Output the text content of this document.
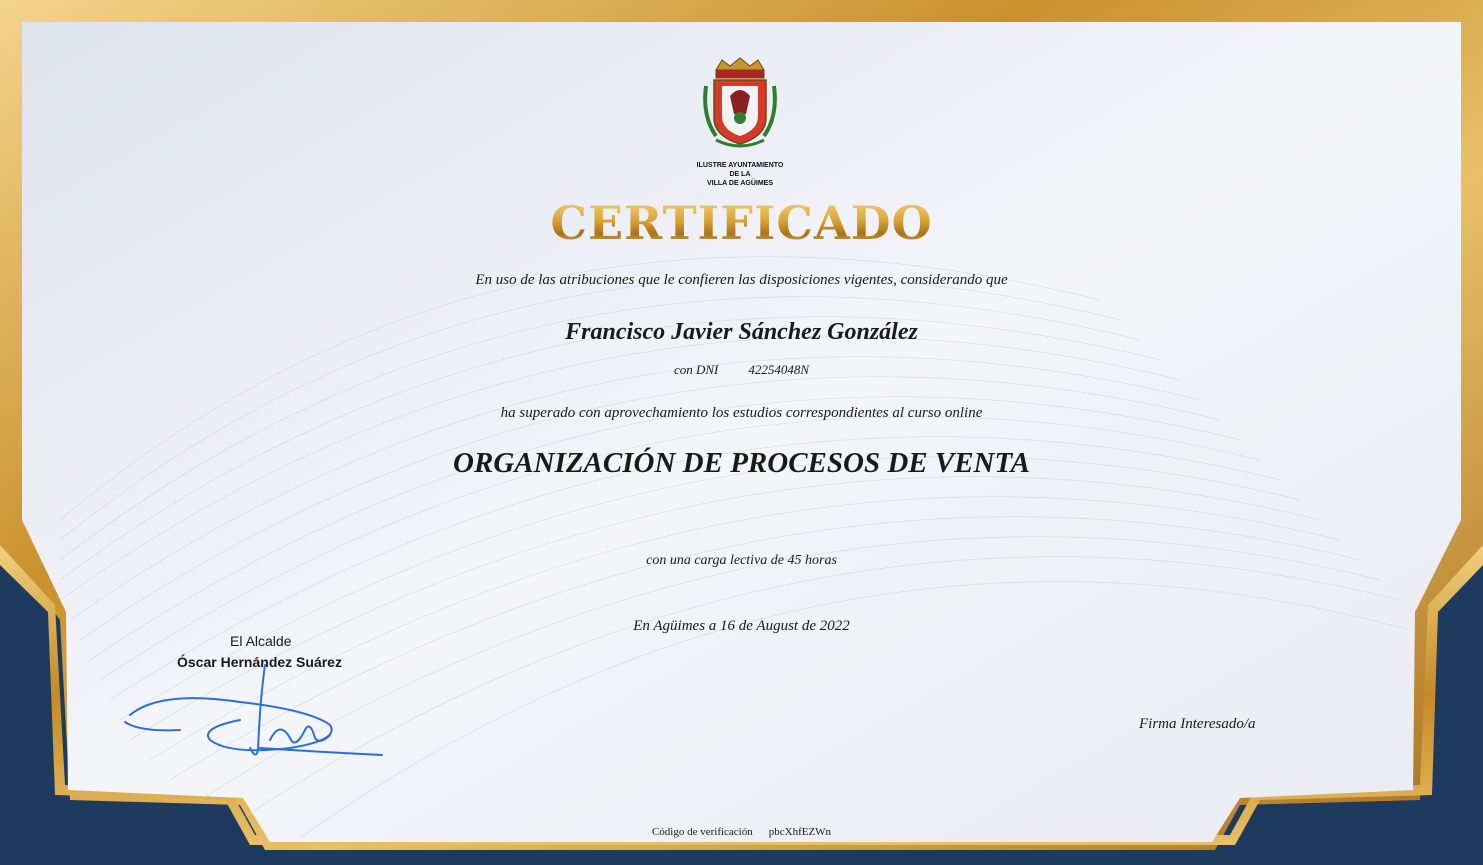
ILUSTRE AYUNTAMIENTO
DE LA
VILLA DE AGÜIMES
CERTIFICADO
En uso de las atribuciones que le confieren las disposiciones vigentes, considerando que
Francisco Javier Sánchez González
con DNI 42254048N
ha superado con aprovechamiento los estudios correspondientes al curso online
ORGANIZACIÓN DE PROCESOS DE VENTA
con una carga lectiva de 45 horas
En Agüimes a 16 de August de 2022
El Alcalde
Óscar Hernández Suárez
Firma Interesado/a
Código de verificación pbcXhfEZWn
